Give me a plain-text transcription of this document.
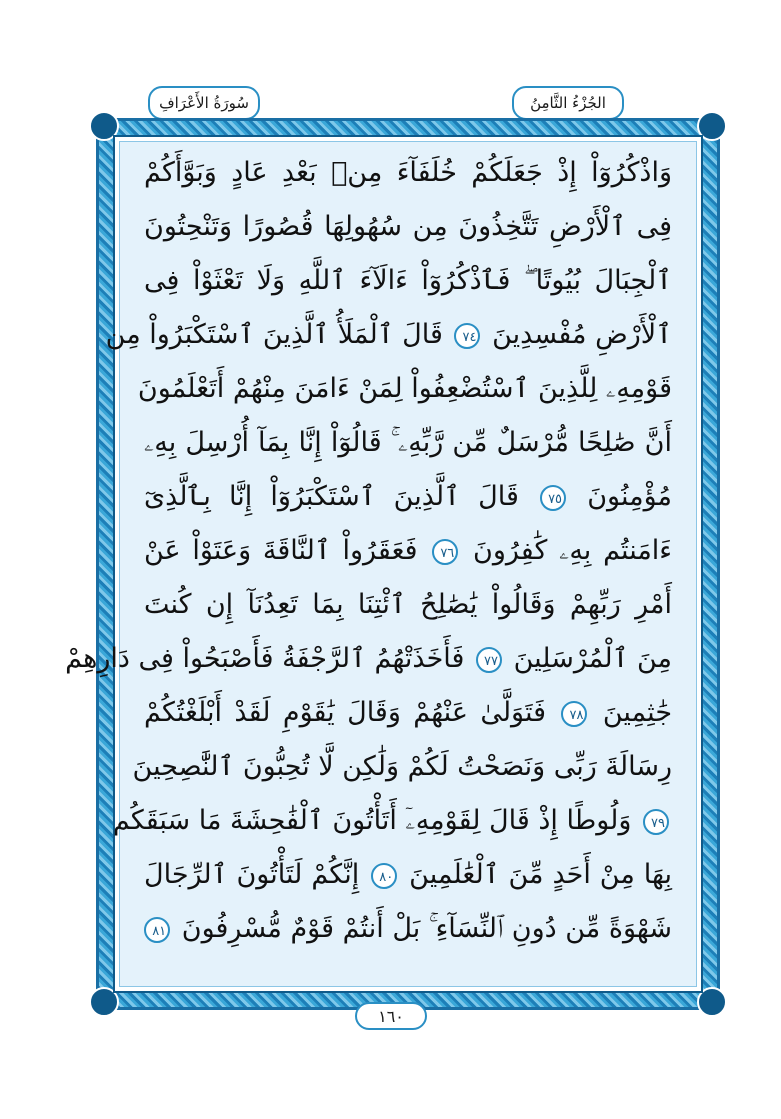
الجُزْءُ الثَّامِنُ
سُورَةُ الأَعْرَافِ
وَاذْكُرُوٓاْ إِذْ جَعَلَكُمْ خُلَفَآءَ مِنۢ بَعْدِ عَادٍ وَبَوَّأَكُمْ
فِى ٱلْأَرْضِ تَتَّخِذُونَ مِن سُهُولِهَا قُصُورًا وَتَنْحِتُونَ
ٱلْجِبَالَ بُيُوتًا ۖ فَٱذْكُرُوٓاْ ءَالَآءَ ٱللَّهِ وَلَا تَعْثَوْاْ فِى
ٱلْأَرْضِ مُفْسِدِينَ ٧٤ قَالَ ٱلْمَلَأُ ٱلَّذِينَ ٱسْتَكْبَرُواْ مِن
قَوْمِهِۦ لِلَّذِينَ ٱسْتُضْعِفُواْ لِمَنْ ءَامَنَ مِنْهُمْ أَتَعْلَمُونَ
أَنَّ صَٰلِحًا مُّرْسَلٌ مِّن رَّبِّهِۦ ۚ قَالُوٓاْ إِنَّا بِمَآ أُرْسِلَ بِهِۦ
مُؤْمِنُونَ ٧٥ قَالَ ٱلَّذِينَ ٱسْتَكْبَرُوٓاْ إِنَّا بِٱلَّذِىٓ
ءَامَنتُم بِهِۦ كَٰفِرُونَ ٧٦ فَعَقَرُواْ ٱلنَّاقَةَ وَعَتَوْاْ عَنْ
أَمْرِ رَبِّهِمْ وَقَالُواْ يَٰصَٰلِحُ ٱئْتِنَا بِمَا تَعِدُنَآ إِن كُنتَ
مِنَ ٱلْمُرْسَلِينَ ٧٧ فَأَخَذَتْهُمُ ٱلرَّجْفَةُ فَأَصْبَحُواْ فِى دَارِهِمْ
جَٰثِمِينَ ٧٨ فَتَوَلَّىٰ عَنْهُمْ وَقَالَ يَٰقَوْمِ لَقَدْ أَبْلَغْتُكُمْ
رِسَالَةَ رَبِّى وَنَصَحْتُ لَكُمْ وَلَٰكِن لَّا تُحِبُّونَ ٱلنَّٰصِحِينَ
٧٩ وَلُوطًا إِذْ قَالَ لِقَوْمِهِۦٓ أَتَأْتُونَ ٱلْفَٰحِشَةَ مَا سَبَقَكُم
بِهَا مِنْ أَحَدٍ مِّنَ ٱلْعَٰلَمِينَ ٨٠ إِنَّكُمْ لَتَأْتُونَ ٱلرِّجَالَ
شَهْوَةً مِّن دُونِ ٱلنِّسَآءِ ۚ بَلْ أَنتُمْ قَوْمٌ مُّسْرِفُونَ ٨١
١٦٠
